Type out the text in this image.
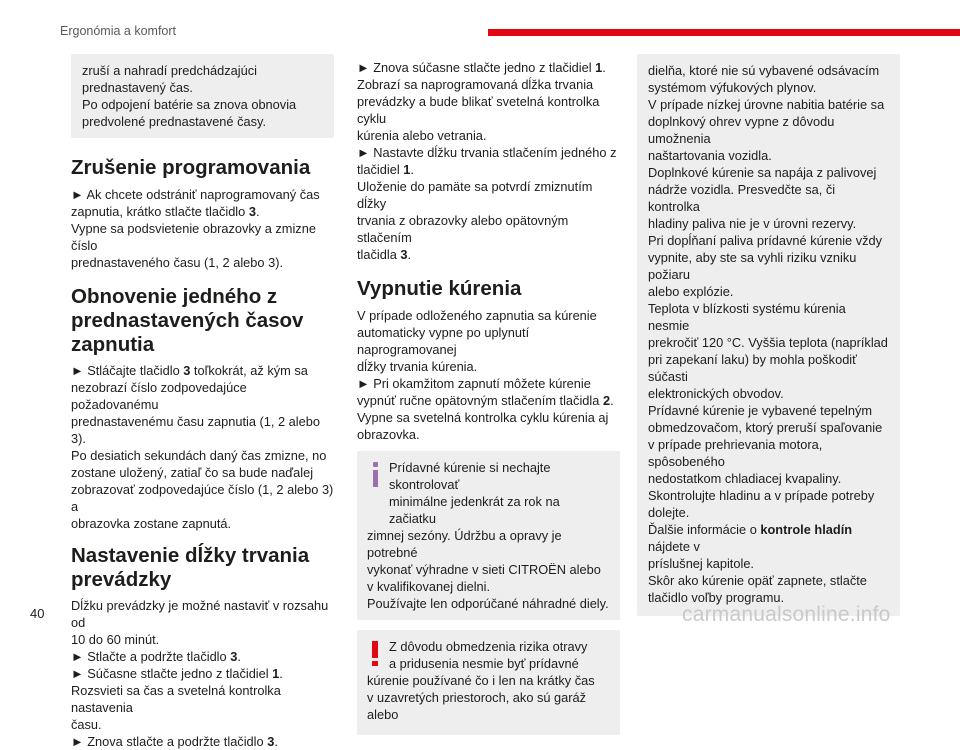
Ergonómia a komfort
zruší a nahradí predchádzajúci
prednastavený čas.
Po odpojení batérie sa znova obnovia
predvolené prednastavené časy.
Zrušenie programovania
► Ak chcete odstrániť naprogramovaný čas
zapnutia, krátko stlačte tlačidlo 3.
Vypne sa podsvietenie obrazovky a zmizne číslo
prednastaveného času (1, 2 alebo 3).
Obnovenie jedného z
prednastavených časov
zapnutia
► Stláčajte tlačidlo 3 toľkokrát, až kým sa
nezobrazí číslo zodpovedajúce požadovanému
prednastavenému času zapnutia (1, 2 alebo 3).
Po desiatich sekundách daný čas zmizne, no
zostane uložený, zatiaľ čo sa bude naďalej
zobrazovať zodpovedajúce číslo (1, 2 alebo 3) a
obrazovka zostane zapnutá.
Nastavenie dĺžky trvania
prevádzky
Dĺžku prevádzky je možné nastaviť v rozsahu od
10 do 60 minút.
► Stlačte a podržte tlačidlo 3.
► Súčasne stlačte jedno z tlačidiel 1.
Rozsvieti sa čas a svetelná kontrolka nastavenia
času.
► Znova stlačte a podržte tlačidlo 3.
► Znova súčasne stlačte jedno z tlačidiel 1.
Zobrazí sa naprogramovaná dĺžka trvania
prevádzky a bude blikať svetelná kontrolka cyklu
kúrenia alebo vetrania.
► Nastavte dĺžku trvania stlačením jedného z
tlačidiel 1.
Uloženie do pamäte sa potvrdí zmiznutím dĺžky
trvania z obrazovky alebo opätovným stlačením
tlačidla 3.
Vypnutie kúrenia
V prípade odloženého zapnutia sa kúrenie
automaticky vypne po uplynutí naprogramovanej
dĺžky trvania kúrenia.
► Pri okamžitom zapnutí môžete kúrenie
vypnúť ručne opätovným stlačením tlačidla 2.
Vypne sa svetelná kontrolka cyklu kúrenia aj
obrazovka.
Prídavné kúrenie si nechajte skontrolovať
minimálne jedenkrát za rok na začiatku
zimnej sezóny. Údržbu a opravy je potrebné
vykonať výhradne v sieti CITROËN alebo
v kvalifikovanej dielni.
Používajte len odporúčané náhradné diely.
Z dôvodu obmedzenia rizika otravy
a pridusenia nesmie byť prídavné
kúrenie používané čo i len na krátky čas
v uzavretých priestoroch, ako sú garáž alebo
dielňa, ktoré nie sú vybavené odsávacím
systémom výfukových plynov.
V prípade nízkej úrovne nabitia batérie sa
doplnkový ohrev vypne z dôvodu umožnenia
naštartovania vozidla.
Doplnkové kúrenie sa napája z palivovej
nádrže vozidla. Presvedčte sa, či kontrolka
hladiny paliva nie je v úrovni rezervy.
Pri dopĺňaní paliva prídavné kúrenie vždy
vypnite, aby ste sa vyhli riziku vzniku požiaru
alebo explózie.
Teplota v blízkosti systému kúrenia nesmie
prekročiť 120 °C. Vyššia teplota (napríklad
pri zapekaní laku) by mohla poškodiť súčasti
elektronických obvodov.
Prídavné kúrenie je vybavené tepelným
obmedzovačom, ktorý preruší spaľovanie
v prípade prehrievania motora, spôsobeného
nedostatkom chladiacej kvapaliny.
Skontrolujte hladinu a v prípade potreby
dolejte.
Ďalšie informácie o kontrole hladín nájdete v
príslušnej kapitole.
Skôr ako kúrenie opäť zapnete, stlačte
tlačidlo voľby programu.
40	carmanualsonline.info
